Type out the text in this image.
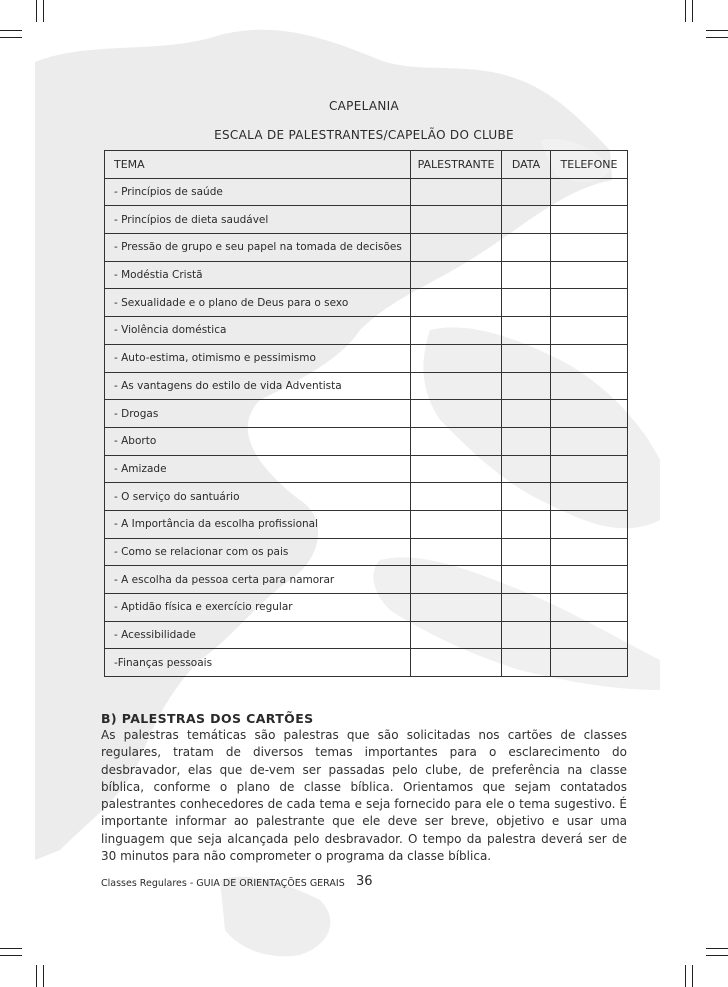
CAPELANIA
ESCALA DE PALESTRANTES/CAPELÃO DO CLUBE
TEMA	PALESTRANTE	DATA	TELEFONE
- Princípios de saúde			
- Princípios de dieta saudável			
- Pressão de grupo e seu papel na tomada de decisões			
- Modéstia Cristã			
- Sexualidade e o plano de Deus para o sexo			
- Violência doméstica			
- Auto-estima, otimismo e pessimismo			
- As vantagens do estilo de vida Adventista			
- Drogas			
- Aborto			
- Amizade			
- O serviço do santuário			
- A Importância da escolha profissional			
- Como se relacionar com os pais			
- A escolha da pessoa certa para namorar			
- Aptidão física e exercício regular			
- Acessibilidade			
-Finanças pessoais			
B) PALESTRAS DOS CARTÕES
As palestras temáticas são palestras que são solicitadas nos cartões de classes regulares, tratam de diversos temas importantes para o esclarecimento do desbravador, elas que de-vem ser passadas pelo clube, de preferência na classe bíblica, conforme o plano de classe bíblica. Orientamos que sejam contatados palestrantes conhecedores de cada tema e seja fornecido para ele o tema sugestivo. É importante informar ao palestrante que ele deve ser breve, objetivo e usar uma linguagem que seja alcançada pelo desbravador. O tempo da palestra deverá ser de 30 minutos para não comprometer o programa da classe bíblica.
Classes Regulares - GUIA DE ORIENTAÇÕES GERAIS 36
